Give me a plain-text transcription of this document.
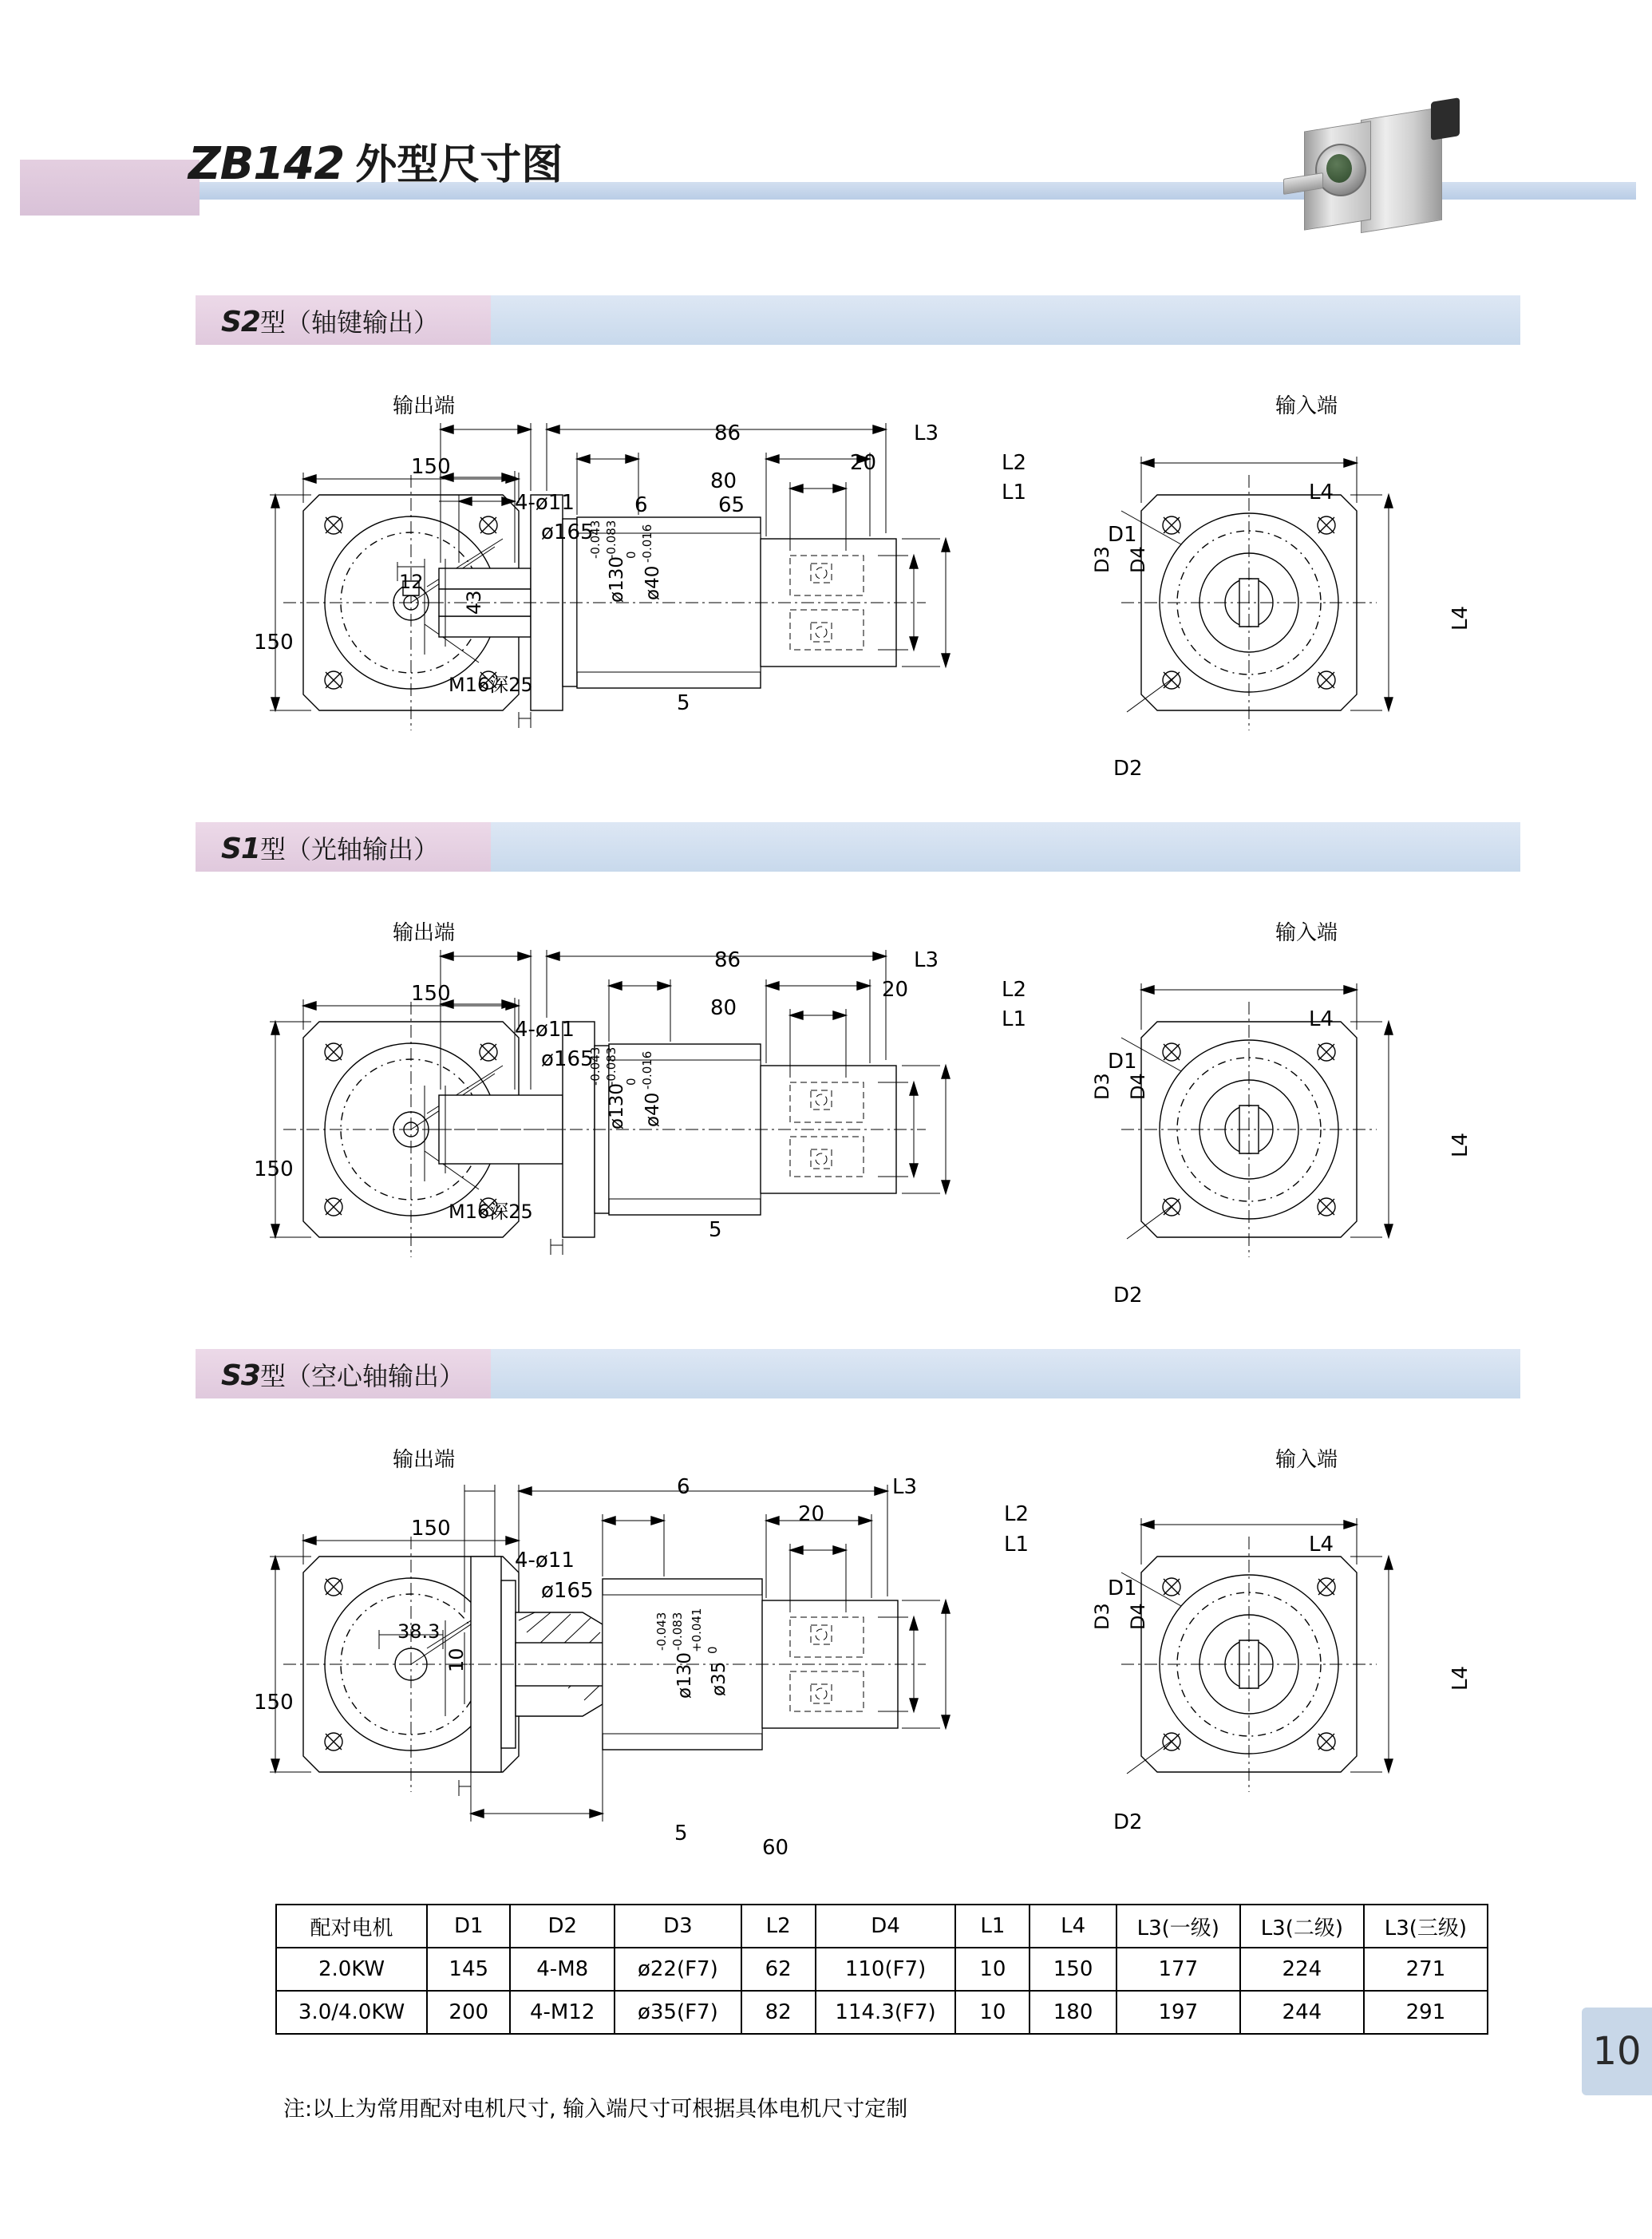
ZB142 外型尺寸图
S2型（轴键输出）
输出端	输入端
150
150
4-ø11
ø165
12
43
M16深25
86
80
65
6
20
L3
L2
L1
D3 D4
5
ø130
-0.043 -0.083
ø40
0 -0.016
L4
L4
D1
D2
S1型（光轴输出）
输出端	输入端
150
150
4-ø11
ø165
M16深25
86
80
20
L3
L2
L1
D3 D4
5
ø130
-0.043 -0.083
ø40
0 -0.016
L4
L4
D1
D2
S3型（空心轴输出）
输出端	输入端
150
150
4-ø11
ø165
38.3
10
6
20
L3
L2
L1
D3 D4
ø130
-0.043 -0.083
ø35
+0.041 0
5
60
L4
L4
D1
D2
配对电机	D1	D2	D3	L2	D4	L1	L4	L3(一级)	L3(二级)	L3(三级)
2.0KW	145	4-M8	ø22(F7)	62	110(F7)	10	150	177	224	271
3.0/4.0KW	200	4-M12	ø35(F7)	82	114.3(F7)	10	180	197	244	291
注:以上为常用配对电机尺寸, 输入端尺寸可根据具体电机尺寸定制
10
